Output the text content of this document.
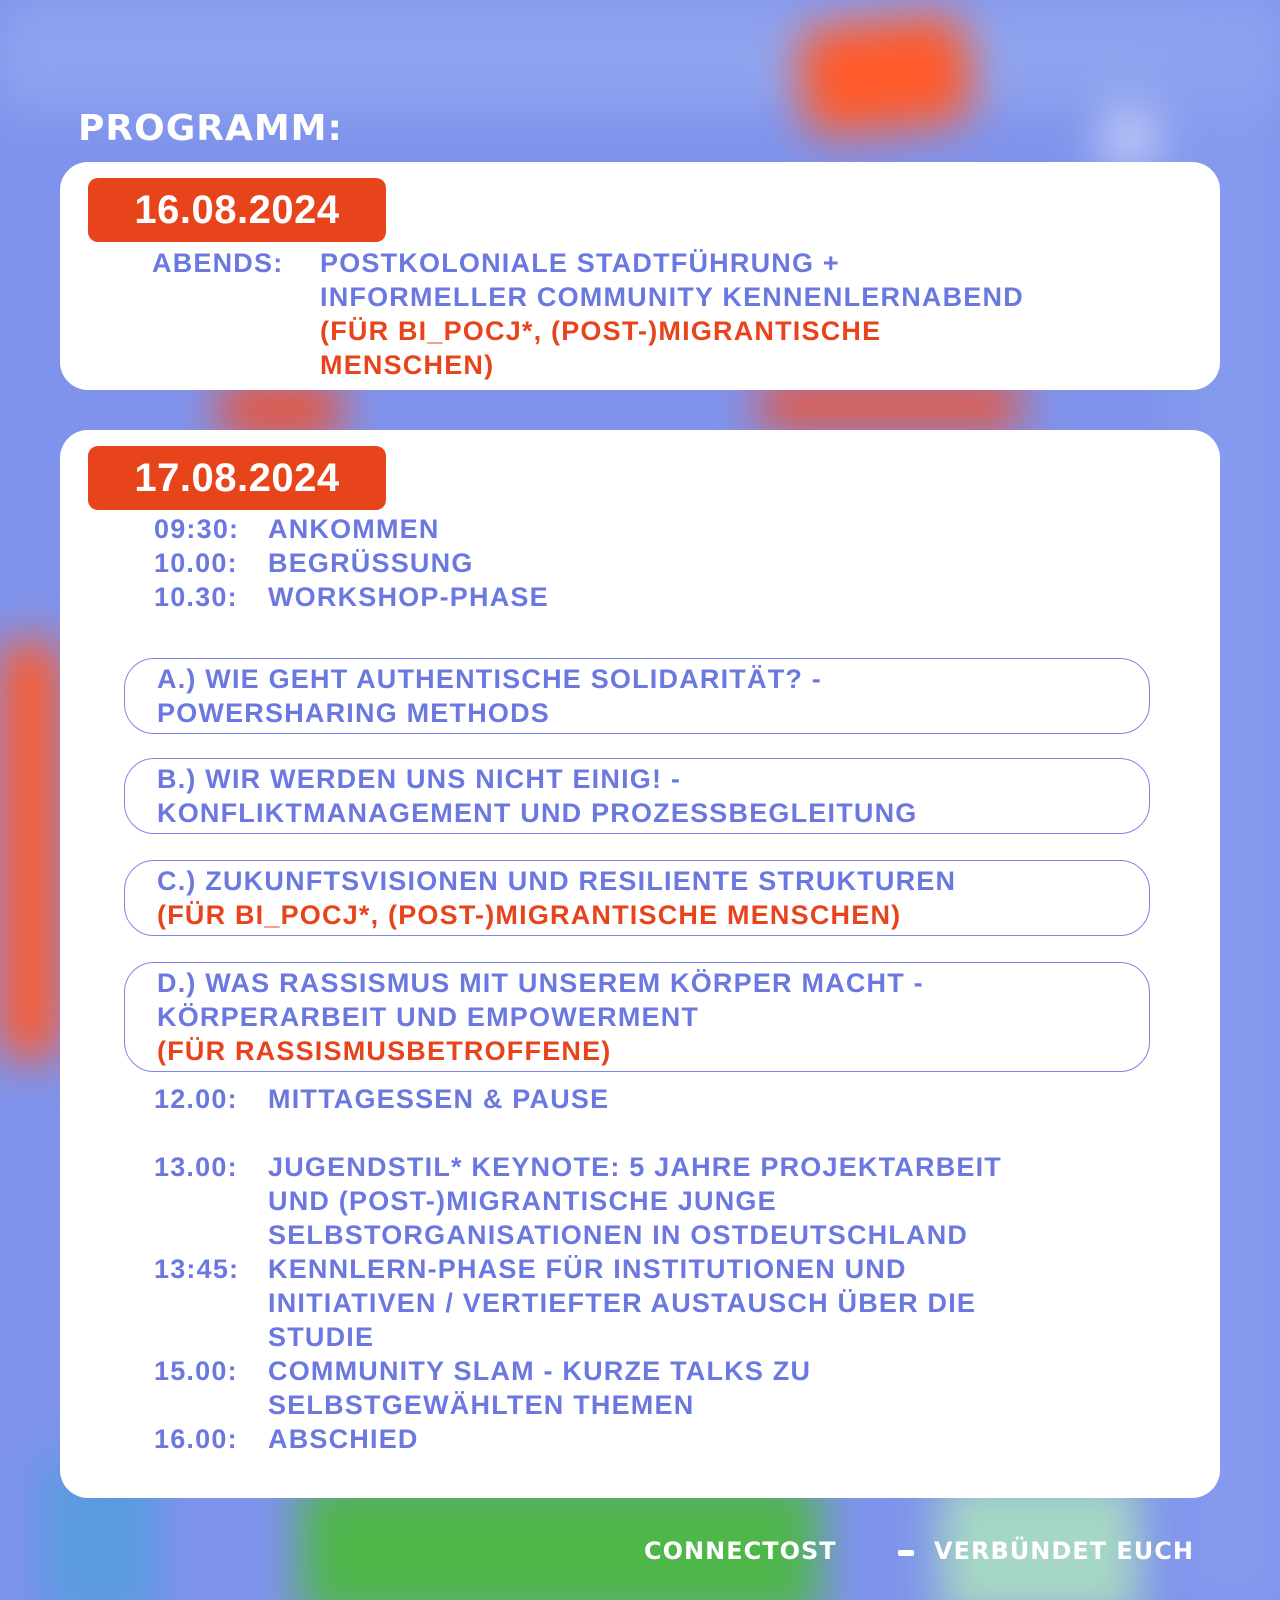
PROGRAMM:
16.08.2024
ABENDS: POSTKOLONIALE STADTFÜHRUNG +
INFORMELLER COMMUNITY KENNENLERNABEND
(FÜR BI_POCJ*, (POST-)MIGRANTISCHE
MENSCHEN)
17.08.2024
09:30: ANKOMMEN
10.00: BEGRÜSSUNG
10.30: WORKSHOP-PHASE
A.) WIE GEHT AUTHENTISCHE SOLIDARITÄT? -
POWERSHARING METHODS
B.) WIR WERDEN UNS NICHT EINIG! -
KONFLIKTMANAGEMENT UND PROZESSBEGLEITUNG
C.) ZUKUNFTSVISIONEN UND RESILIENTE STRUKTUREN
(FÜR BI_POCJ*, (POST-)MIGRANTISCHE MENSCHEN)
D.) WAS RASSISMUS MIT UNSEREM KÖRPER MACHT -
KÖRPERARBEIT UND EMPOWERMENT
(FÜR RASSISMUSBETROFFENE)
12.00: MITTAGESSEN & PAUSE
13.00: JUGENDSTIL* KEYNOTE: 5 JAHRE PROJEKTARBEIT
UND (POST-)MIGRANTISCHE JUNGE
SELBSTORGANISATIONEN IN OSTDEUTSCHLAND
13:45: KENNLERN-PHASE FÜR INSTITUTIONEN UND
INITIATIVEN / VERTIEFTER AUSTAUSCH ÜBER DIE
STUDIE
15.00: COMMUNITY SLAM - KURZE TALKS ZU
SELBSTGEWÄHLTEN THEMEN
16.00: ABSCHIED
CONNECTOST	VERBÜNDET EUCH
